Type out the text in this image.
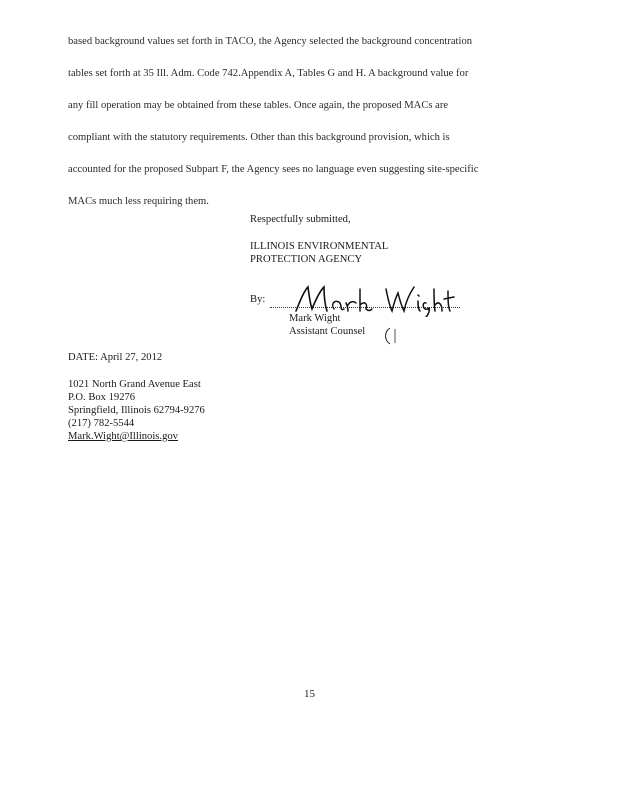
based background values set forth in TACO, the Agency selected the background concentration
tables set forth at 35 Ill. Adm. Code 742.Appendix A, Tables G and H. A background value for
any fill operation may be obtained from these tables. Once again, the proposed MACs are
compliant with the statutory requirements. Other than this background provision, which is
accounted for the proposed Subpart F, the Agency sees no language even suggesting site-specific
MACs much less requiring them.
Respectfully submitted,
ILLINOIS ENVIRONMENTAL
PROTECTION AGENCY
By:
Mark Wight
Assistant Counsel
DATE: April 27, 2012
1021 North Grand Avenue East
P.O. Box 19276
Springfield, Illinois 62794-9276
(217) 782-5544
Mark.Wight@Illinois.gov
15
